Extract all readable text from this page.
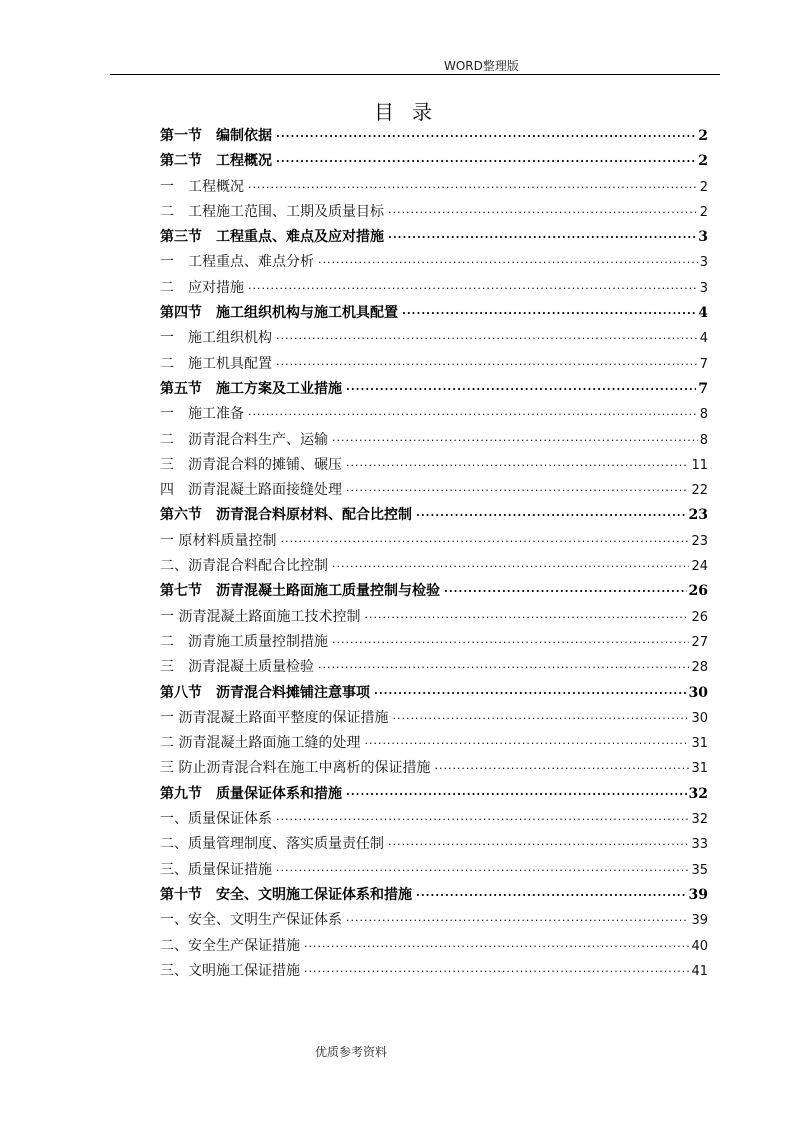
WORD整理版
目录
第一节　编制依据 ·····	2
第二节　工程概况 ·····	2
一　工程概况 ·····	2
二　工程施工范围、工期及质量目标 ·····	2
第三节　工程重点、难点及应对措施 ·····	3
一　工程重点、难点分析 ·····	3
二　应对措施 ·····	3
第四节　施工组织机构与施工机具配置 ·····	4
一　施工组织机构 ·····	4
二　施工机具配置 ·····	7
第五节　施工方案及工业措施 ·····	7
一　施工准备 ·····	8
二　沥青混合料生产、运输 ·····	8
三　沥青混合料的摊铺、碾压 ·····	11
四　沥青混凝土路面接缝处理 ·····	22
第六节　沥青混合料原材料、配合比控制 ·····	23
一 原材料质量控制 ·····	23
二、沥青混合料配合比控制 ·····	24
第七节　沥青混凝土路面施工质量控制与检验 ·····	26
一 沥青混凝土路面施工技术控制 ·····	26
二　沥青施工质量控制措施 ·····	27
三　沥青混凝土质量检验 ·····	28
第八节　沥青混合料摊铺注意事项 ·····	30
一 沥青混凝土路面平整度的保证措施 ·····	30
二 沥青混凝土路面施工缝的处理 ·····	31
三 防止沥青混合料在施工中离析的保证措施 ·····	31
第九节　质量保证体系和措施 ·····	32
一、质量保证体系 ·····	32
二、质量管理制度、落实质量责任制 ·····	33
三、质量保证措施 ·····	35
第十节　安全、文明施工保证体系和措施 ·····	39
一、安全、文明生产保证体系 ·····	39
二、安全生产保证措施 ·····	40
三、文明施工保证措施 ·····	41
优质参考资料
